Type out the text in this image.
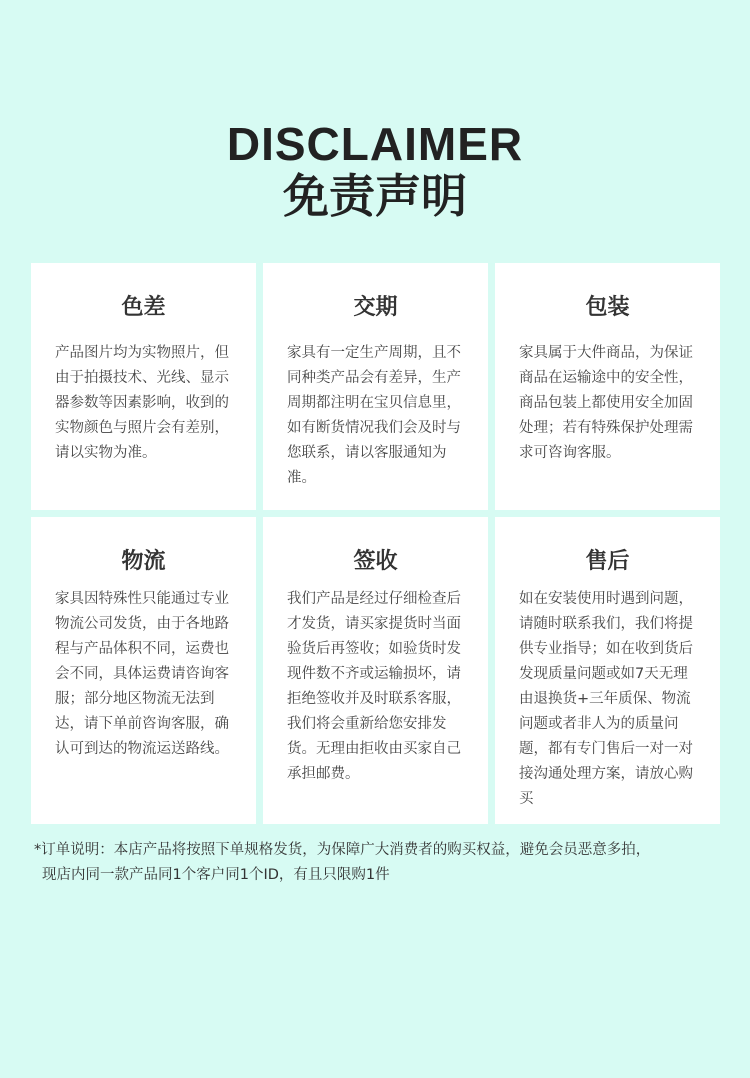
DISCLAIMER
免责声明
色差
产品图片均为实物照片，但由于拍摄技术、光线、显示器参数等因素影响，收到的实物颜色与照片会有差别，请以实物为准。
交期
家具有一定生产周期，且不同种类产品会有差异，生产周期都注明在宝贝信息里，如有断货情况我们会及时与您联系，请以客服通知为准。
包装
家具属于大件商品，为保证商品在运输途中的安全性，商品包装上都使用安全加固处理；若有特殊保护处理需求可咨询客服。
物流
家具因特殊性只能通过专业物流公司发货，由于各地路程与产品体积不同，运费也会不同，具体运费请咨询客服；部分地区物流无法到达，请下单前咨询客服，确认可到达的物流运送路线。
签收
我们产品是经过仔细检查后才发货，请买家提货时当面验货后再签收；如验货时发现件数不齐或运输损坏，请拒绝签收并及时联系客服，我们将会重新给您安排发货。无理由拒收由买家自己承担邮费。
售后
如在安装使用时遇到问题，请随时联系我们，我们将提供专业指导；如在收到货后发现质量问题或如7天无理由退换货+三年质保、物流问题或者非人为的质量问题，都有专门售后一对一对接沟通处理方案，请放心购买
*订单说明：本店产品将按照下单规格发货，为保障广大消费者的购买权益，避免会员恶意多拍，
现店内同一款产品同1个客户同1个ID，有且只限购1件
